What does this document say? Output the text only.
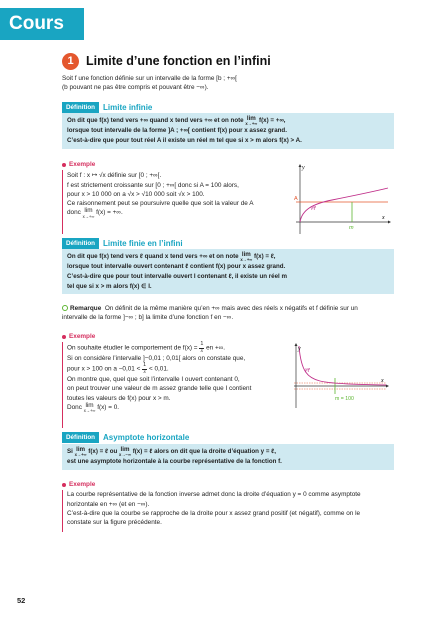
Cours
1 Limite d’une fonction en l’infini
Soit f une fonction définie sur un intervalle de la forme [b ; +∞[
(b pouvant ne pas être compris et pouvant être −∞).
Définition	Limite infinie
On dit que f(x) tend vers +∞ quand x tend vers +∞ et on note lim
x→+∞ f(x) = +∞,
lorsque tout intervalle de la forme ]A ; +∞[ contient f(x) pour x assez grand.
C’est-à-dire que pour tout réel A il existe un réel m tel que si x > m alors f(x) > A.
Exemple
Soit f : x ↦ √x définie sur [0 ; +∞[.
f est strictement croissante sur [0 ; +∞[ donc si A = 100 alors,
pour x > 10 000 on a √x > √10 000 soit √x > 100.
Ce raisonnement peut se poursuivre quelle que soit la valeur de A
donc lim
x→+∞ f(x) = +∞.
y
x
A
m
𝒞f
Définition	Limite finie en l’infini
On dit que f(x) tend vers ℓ quand x tend vers +∞ et on note lim
x→+∞ f(x) = ℓ,
lorsque tout intervalle ouvert contenant ℓ contient f(x) pour x assez grand.
C’est-à-dire que pour tout intervalle ouvert I contenant ℓ, il existe un réel m
tel que si x > m alors f(x) ∈ I.
Remarque On définit de la même manière qu’en +∞ mais avec des réels x négatifs et f définie sur un
intervalle de la forme ]−∞ ; b] la limite d’une fonction f en −∞.
Exemple
On souhaite étudier le comportement de $f(x) = \frac{1}{x}$ en +∞.
Si on considère l’intervalle ]−0,01 ; 0,01[ alors on constate que,
pour x > 100 on $a -0,01 < \frac{1}{x} < 0,01$.
On montre que, quel que soit l’intervalle I ouvert contenant 0,
on peut trouver une valeur de m assez grande telle que I contient
toutes les valeurs de f(x) pour x > m.
Donc lim
x→+∞ f(x) = 0.
y
x
m = 100
𝒞f
Définition	Asymptote horizontale
Si lim
x→+∞ f(x) = ℓ ou lim
x→−∞ f(x) = ℓ alors on dit que la droite d’équation y = ℓ,
est une asymptote horizontale à la courbe représentative de la fonction f.
Exemple
La courbe représentative de la fonction inverse admet donc la droite d’équation y = 0 comme asymptote
horizontale en +∞ (et en −∞).
C’est-à-dire que la courbe se rapproche de la droite pour x assez grand positif (et négatif), comme on le
constate sur la figure précédente.
52
